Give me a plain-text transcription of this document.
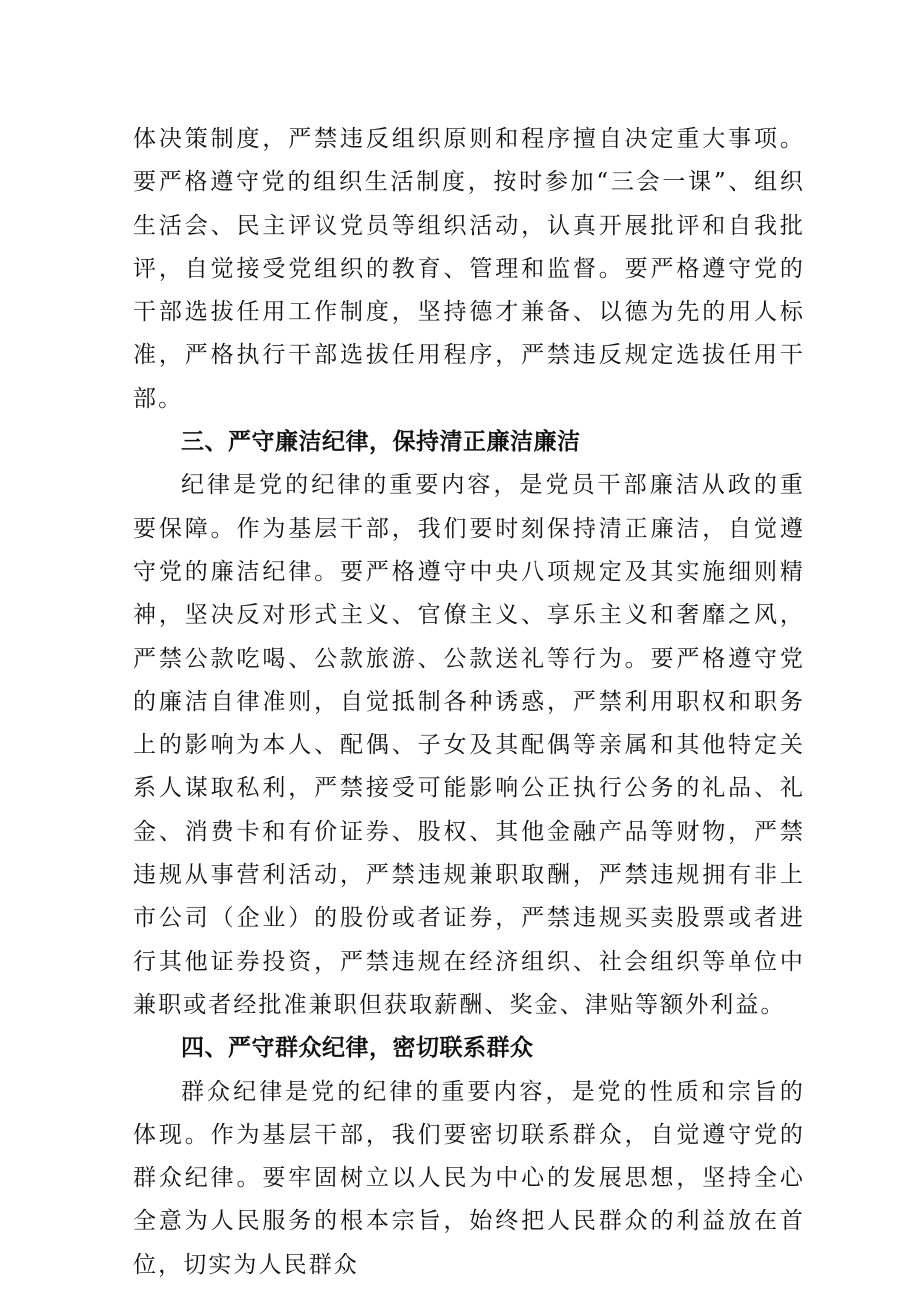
体决策制度，严禁违反组织原则和程序擅自决定重大事项。要严格遵守党的组织生活制度，按时参加“三会一课”、组织生活会、民主评议党员等组织活动，认真开展批评和自我批评，自觉接受党组织的教育、管理和监督。要严格遵守党的干部选拔任用工作制度，坚持德才兼备、以德为先的用人标准，严格执行干部选拔任用程序，严禁违反规定选拔任用干部。

三、严守廉洁纪律，保持清正廉洁廉洁

纪律是党的纪律的重要内容，是党员干部廉洁从政的重要保障。作为基层干部，我们要时刻保持清正廉洁，自觉遵守党的廉洁纪律。要严格遵守中央八项规定及其实施细则精神，坚决反对形式主义、官僚主义、享乐主义和奢靡之风，严禁公款吃喝、公款旅游、公款送礼等行为。要严格遵守党的廉洁自律准则，自觉抵制各种诱惑，严禁利用职权和职务上的影响为本人、配偶、子女及其配偶等亲属和其他特定关系人谋取私利，严禁接受可能影响公正执行公务的礼品、礼金、消费卡和有价证券、股权、其他金融产品等财物，严禁违规从事营利活动，严禁违规兼职取酬，严禁违规拥有非上市公司（企业）的股份或者证券，严禁违规买卖股票或者进行其他证券投资，严禁违规在经济组织、社会组织等单位中兼职或者经批准兼职但获取薪酬、奖金、津贴等额外利益。

四、严守群众纪律，密切联系群众

群众纪律是党的纪律的重要内容，是党的性质和宗旨的体现。作为基层干部，我们要密切联系群众，自觉遵守党的群众纪律。要牢固树立以人民为中心的发展思想，坚持全心全意为人民服务的根本宗旨，始终把人民群众的利益放在首位，切实为人民群众
